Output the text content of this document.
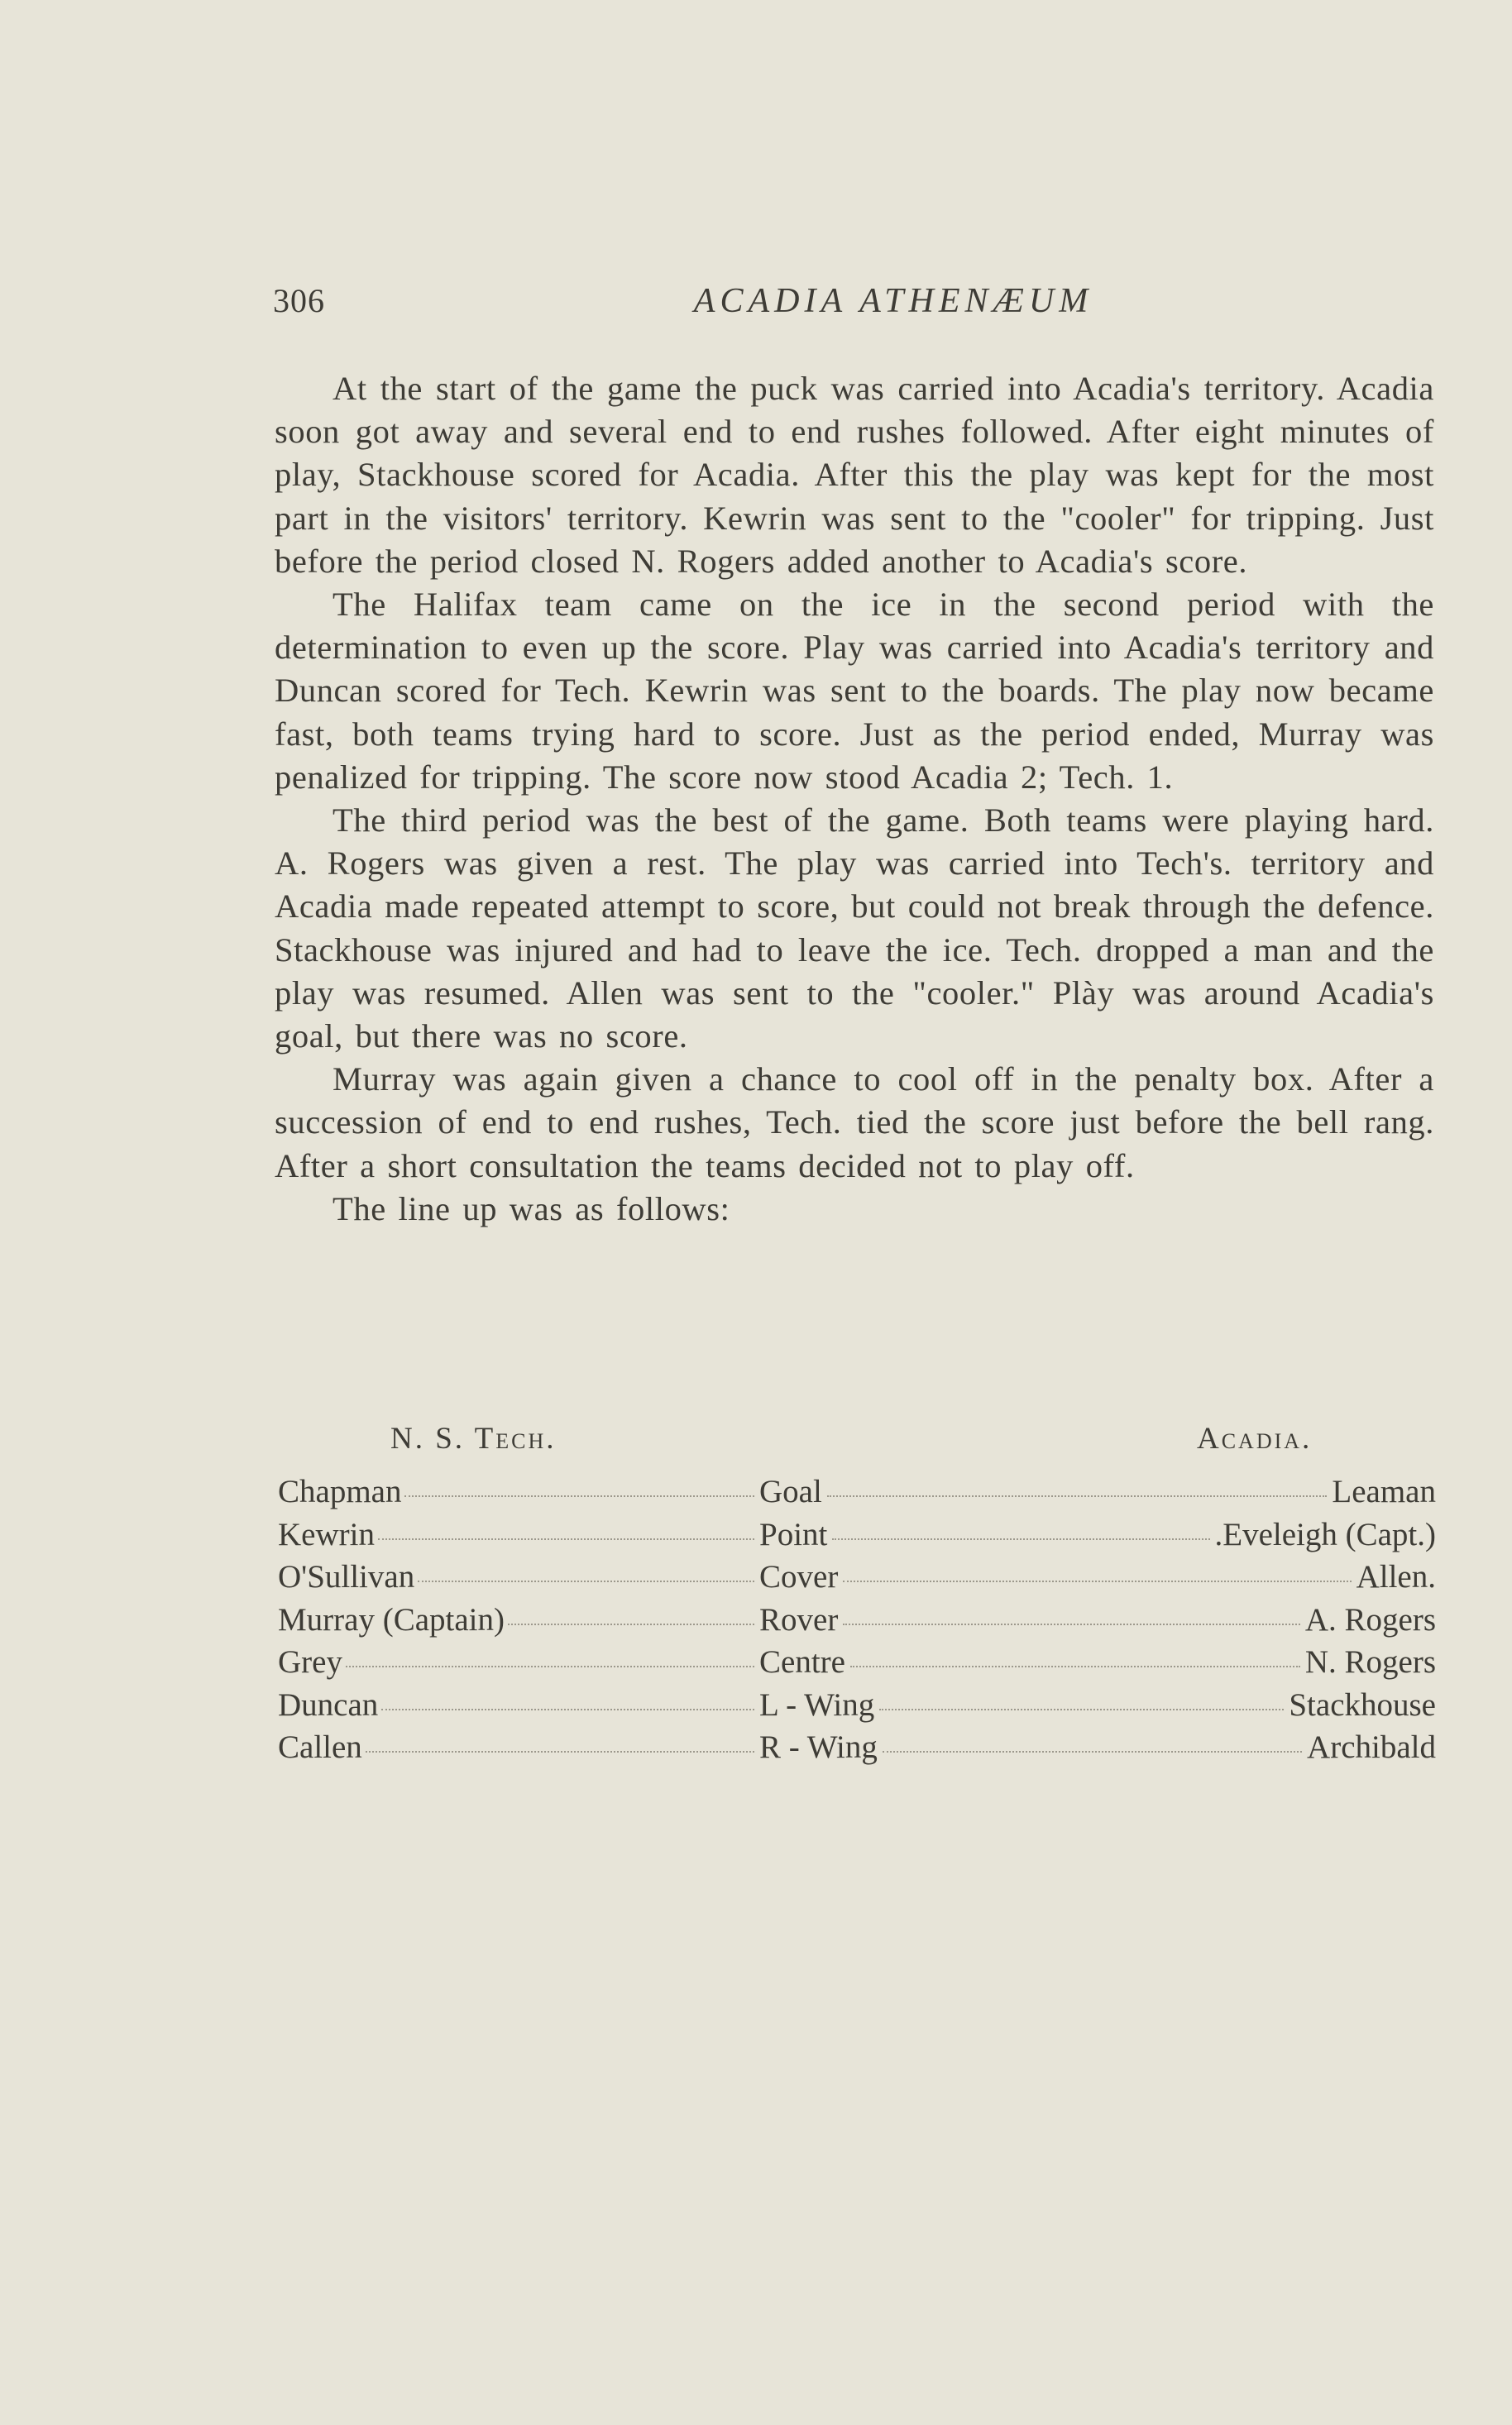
306	ACADIA ATHENÆUM

At the start of the game the puck was carried into Acadia's territory. Acadia soon got away and several end to end rushes followed. After eight minutes of play, Stackhouse scored for Acadia. After this the play was kept for the most part in the visitors' territory. Kewrin was sent to the "cooler" for tripping. Just before the period closed N. Rogers added another to Acadia's score.

The Halifax team came on the ice in the second period with the determination to even up the score. Play was carried into Acadia's territory and Duncan scored for Tech. Kewrin was sent to the boards. The play now became fast, both teams trying hard to score. Just as the period ended, Murray was penalized for tripping. The score now stood Acadia 2; Tech. 1.

The third period was the best of the game. Both teams were playing hard. A. Rogers was given a rest. The play was carried into Tech's. territory and Acadia made repeated attempt to score, but could not break through the defence. Stackhouse was injured and had to leave the ice. Tech. dropped a man and the play was resumed. Allen was sent to the "cooler." Plày was around Acadia's goal, but there was no score.

Murray was again given a chance to cool off in the penalty box. After a succession of end to end rushes, Tech. tied the score just before the bell rang. After a short consultation the teams decided not to play off.

The line up was as follows:

N. S. Tech.	Acadia.
Chapman	Goal	Leaman
Kewrin	Point	.Eveleigh (Capt.)
O'Sullivan	Cover	Allen.
Murray (Captain)	Rover	A. Rogers
Grey	Centre	N. Rogers
Duncan	L - Wing	Stackhouse
Callen	R - Wing	Archibald
